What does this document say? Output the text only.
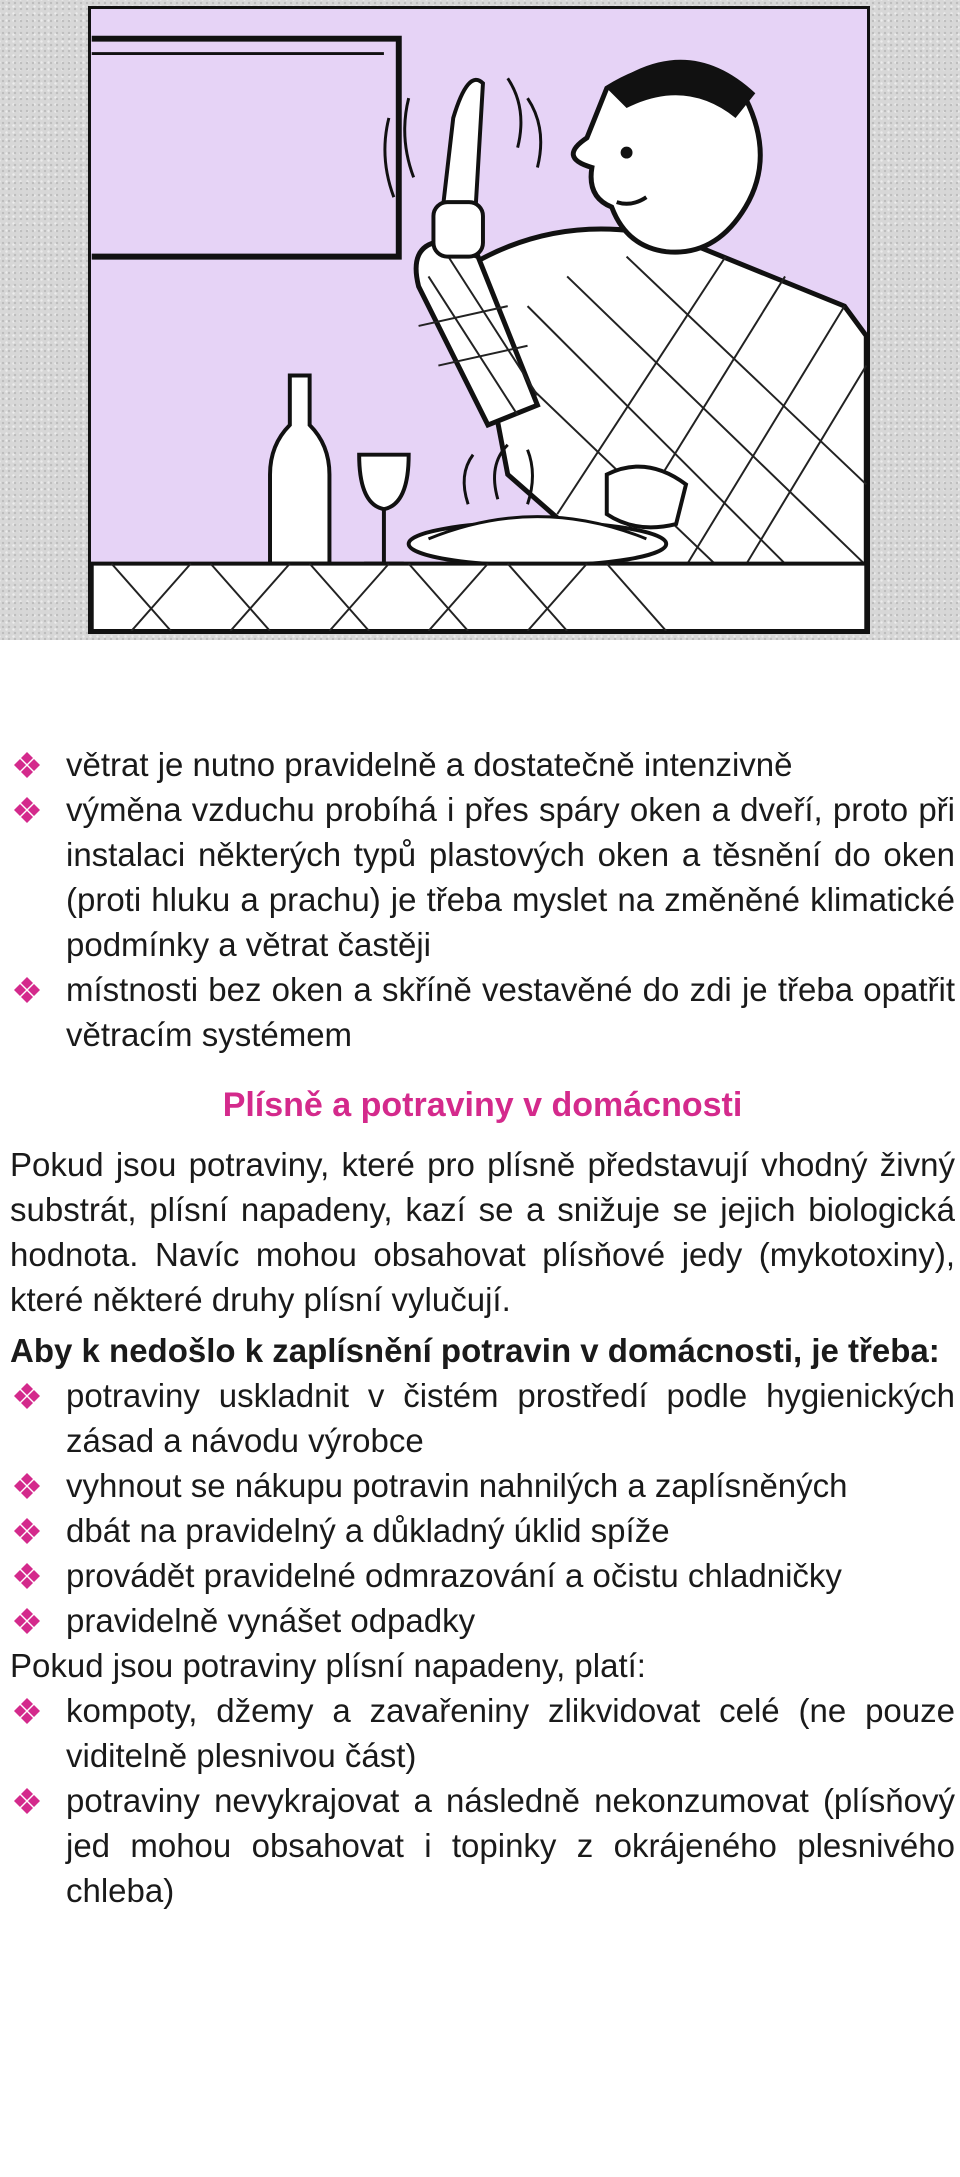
větrat je nutno pravidelně a dostatečně intenzivně
výměna vzduchu probíhá i přes spáry oken a dveří, proto při instalaci některých typů plastových oken a těsnění do oken (proti hluku a prachu) je třeba myslet na změněné klimatické podmínky a větrat častěji
místnosti bez oken a skříně vestavěné do zdi je třeba opatřit větracím systémem
Plísně a potraviny v domácnosti

Pokud jsou potraviny, které pro plísně představují vhodný živný substrát, plísní napadeny, kazí se a snižuje se jejich biologická hodnota. Navíc mohou obsahovat plísňové jedy (mykotoxiny), které některé druhy plísní vylučují.

Aby k nedošlo k zaplísnění potravin v domácnosti, je třeba:

potraviny uskladnit v čistém prostředí podle hygienických zásad a návodu výrobce
vyhnout se nákupu potravin nahnilých a zaplísněných
dbát na pravidelný a důkladný úklid spíže
provádět pravidelné odmrazování a očistu chladničky
pravidelně vynášet odpadky

Pokud jsou potraviny plísní napadeny, platí:

kompoty, džemy a zavařeniny zlikvidovat celé (ne pouze viditelně plesnivou část)
potraviny nevykrajovat a následně nekonzumovat (plísňový jed mohou obsahovat i topinky z okrájeného plesnivého chleba)
